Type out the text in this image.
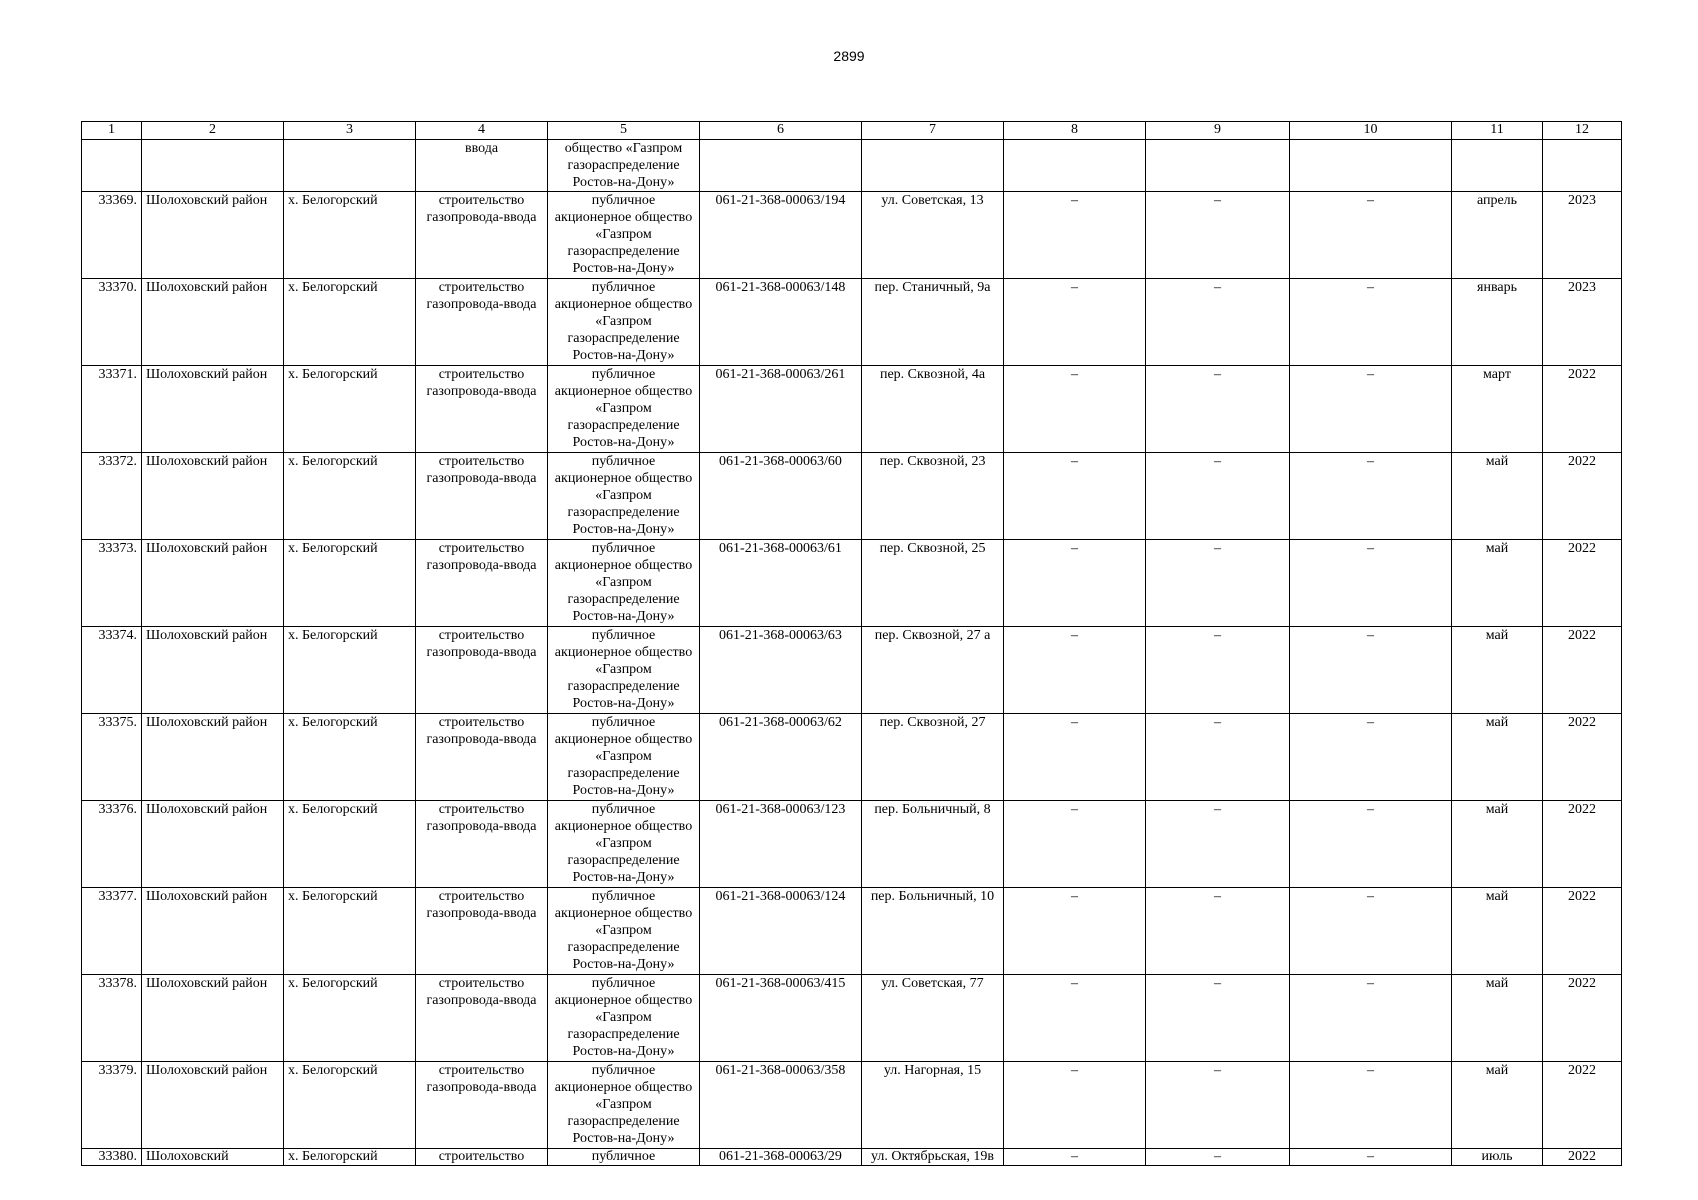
2899
1	2	3	4	5	6	7	8	9	10	11	12
			ввода	общество «Газпром газораспределение Ростов-на-Дону»							
33369.	Шолоховский район	х. Белогорский	строительство газопровода-ввода	публичное акционерное общество «Газпром газораспределение Ростов-на-Дону»	061-21-368-00063/194	ул. Советская, 13	–	–	–	апрель	2023
33370.	Шолоховский район	х. Белогорский	строительство газопровода-ввода	публичное акционерное общество «Газпром газораспределение Ростов-на-Дону»	061-21-368-00063/148	пер. Станичный, 9а	–	–	–	январь	2023
33371.	Шолоховский район	х. Белогорский	строительство газопровода-ввода	публичное акционерное общество «Газпром газораспределение Ростов-на-Дону»	061-21-368-00063/261	пер. Сквозной, 4а	–	–	–	март	2022
33372.	Шолоховский район	х. Белогорский	строительство газопровода-ввода	публичное акционерное общество «Газпром газораспределение Ростов-на-Дону»	061-21-368-00063/60	пер. Сквозной, 23	–	–	–	май	2022
33373.	Шолоховский район	х. Белогорский	строительство газопровода-ввода	публичное акционерное общество «Газпром газораспределение Ростов-на-Дону»	061-21-368-00063/61	пер. Сквозной, 25	–	–	–	май	2022
33374.	Шолоховский район	х. Белогорский	строительство газопровода-ввода	публичное акционерное общество «Газпром газораспределение Ростов-на-Дону»	061-21-368-00063/63	пер. Сквозной, 27 а	–	–	–	май	2022
33375.	Шолоховский район	х. Белогорский	строительство газопровода-ввода	публичное акционерное общество «Газпром газораспределение Ростов-на-Дону»	061-21-368-00063/62	пер. Сквозной, 27	–	–	–	май	2022
33376.	Шолоховский район	х. Белогорский	строительство газопровода-ввода	публичное акционерное общество «Газпром газораспределение Ростов-на-Дону»	061-21-368-00063/123	пер. Больничный, 8	–	–	–	май	2022
33377.	Шолоховский район	х. Белогорский	строительство газопровода-ввода	публичное акционерное общество «Газпром газораспределение Ростов-на-Дону»	061-21-368-00063/124	пер. Больничный, 10	–	–	–	май	2022
33378.	Шолоховский район	х. Белогорский	строительство газопровода-ввода	публичное акционерное общество «Газпром газораспределение Ростов-на-Дону»	061-21-368-00063/415	ул. Советская, 77	–	–	–	май	2022
33379.	Шолоховский район	х. Белогорский	строительство газопровода-ввода	публичное акционерное общество «Газпром газораспределение Ростов-на-Дону»	061-21-368-00063/358	ул. Нагорная, 15	–	–	–	май	2022
33380.	Шолоховский	х. Белогорский	строительство	публичное	061-21-368-00063/29	ул. Октябрьская, 19в	–	–	–	июль	2022
